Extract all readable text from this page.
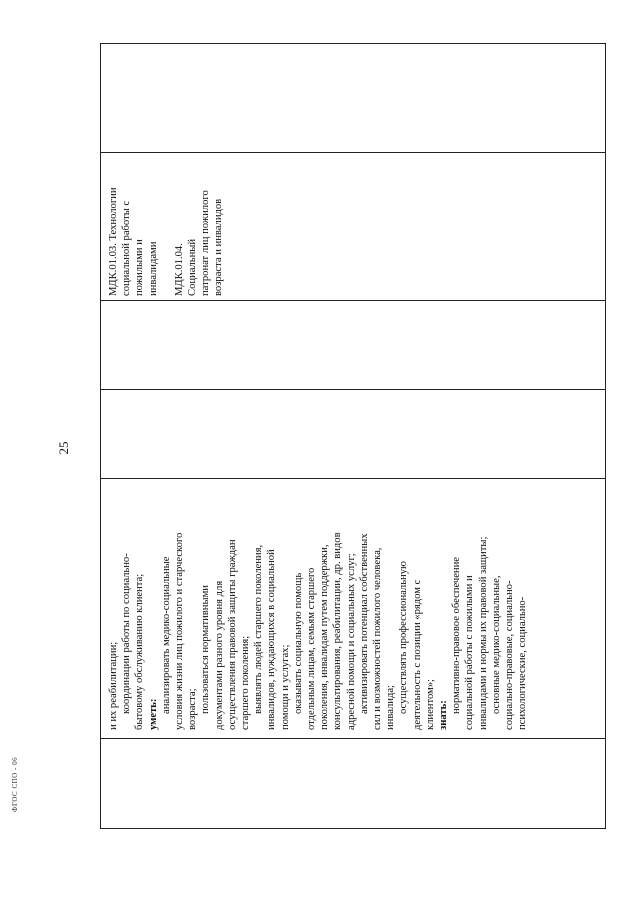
25

и их реабилитации; координации работы по социально- бытовому обслуживанию клиента; уметь:

анализировать медико-социальные условия жизни лиц пожилого и старческого возраста; пользоваться нормативными документами разного уровня для осуществления правовой защиты граждан старшего поколения; выявлять людей старшего поколения, инвалидов, нуждающихся в социальной помощи и услугах; оказывать социальную помощь отдельным лицам, семьям старшего поколения, инвалидам путем поддержки, консультирования, реабилитации, др. видов адресной помощи и социальных услуг; активизировать потенциал собственных сил и возможностей пожилого человека, инвалида; осуществлять профессиональную деятельность с позиции «рядом с клиентом»; знать:

нормативно-правовое обеспечение социальной работы с пожилыми и инвалидами и нормы их правовой защиты; основные медико-социальные, социально-правовые, социально- психологические, социально-

МДК.01.03. Технологии социальной работы с пожилыми и инвалидами МДК.01.04. Социальный патронат лиц пожилого возраста и инвалидов

ФГОС СПО - 06
